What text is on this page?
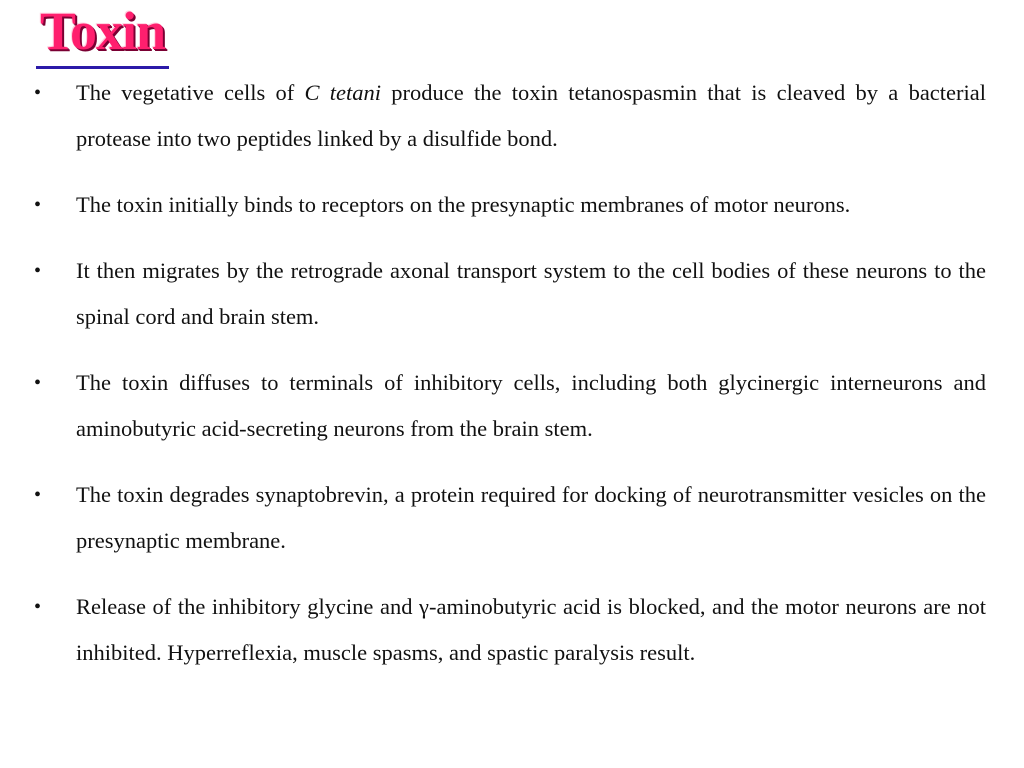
Toxin
• The vegetative cells of C tetani produce the toxin tetanospasmin that is cleaved by a bacterial protease into two peptides linked by a disulfide bond.
• The toxin initially binds to receptors on the presynaptic membranes of motor neurons.
• It then migrates by the retrograde axonal transport system to the cell bodies of these neurons to the spinal cord and brain stem.
• The toxin diffuses to terminals of inhibitory cells, including both glycinergic interneurons and aminobutyric acid-secreting neurons from the brain stem.
• The toxin degrades synaptobrevin, a protein required for docking of neurotransmitter vesicles on the presynaptic membrane.
• Release of the inhibitory glycine and γ-aminobutyric acid is blocked, and the motor neurons are not inhibited. Hyperreflexia, muscle spasms, and spastic paralysis result.
